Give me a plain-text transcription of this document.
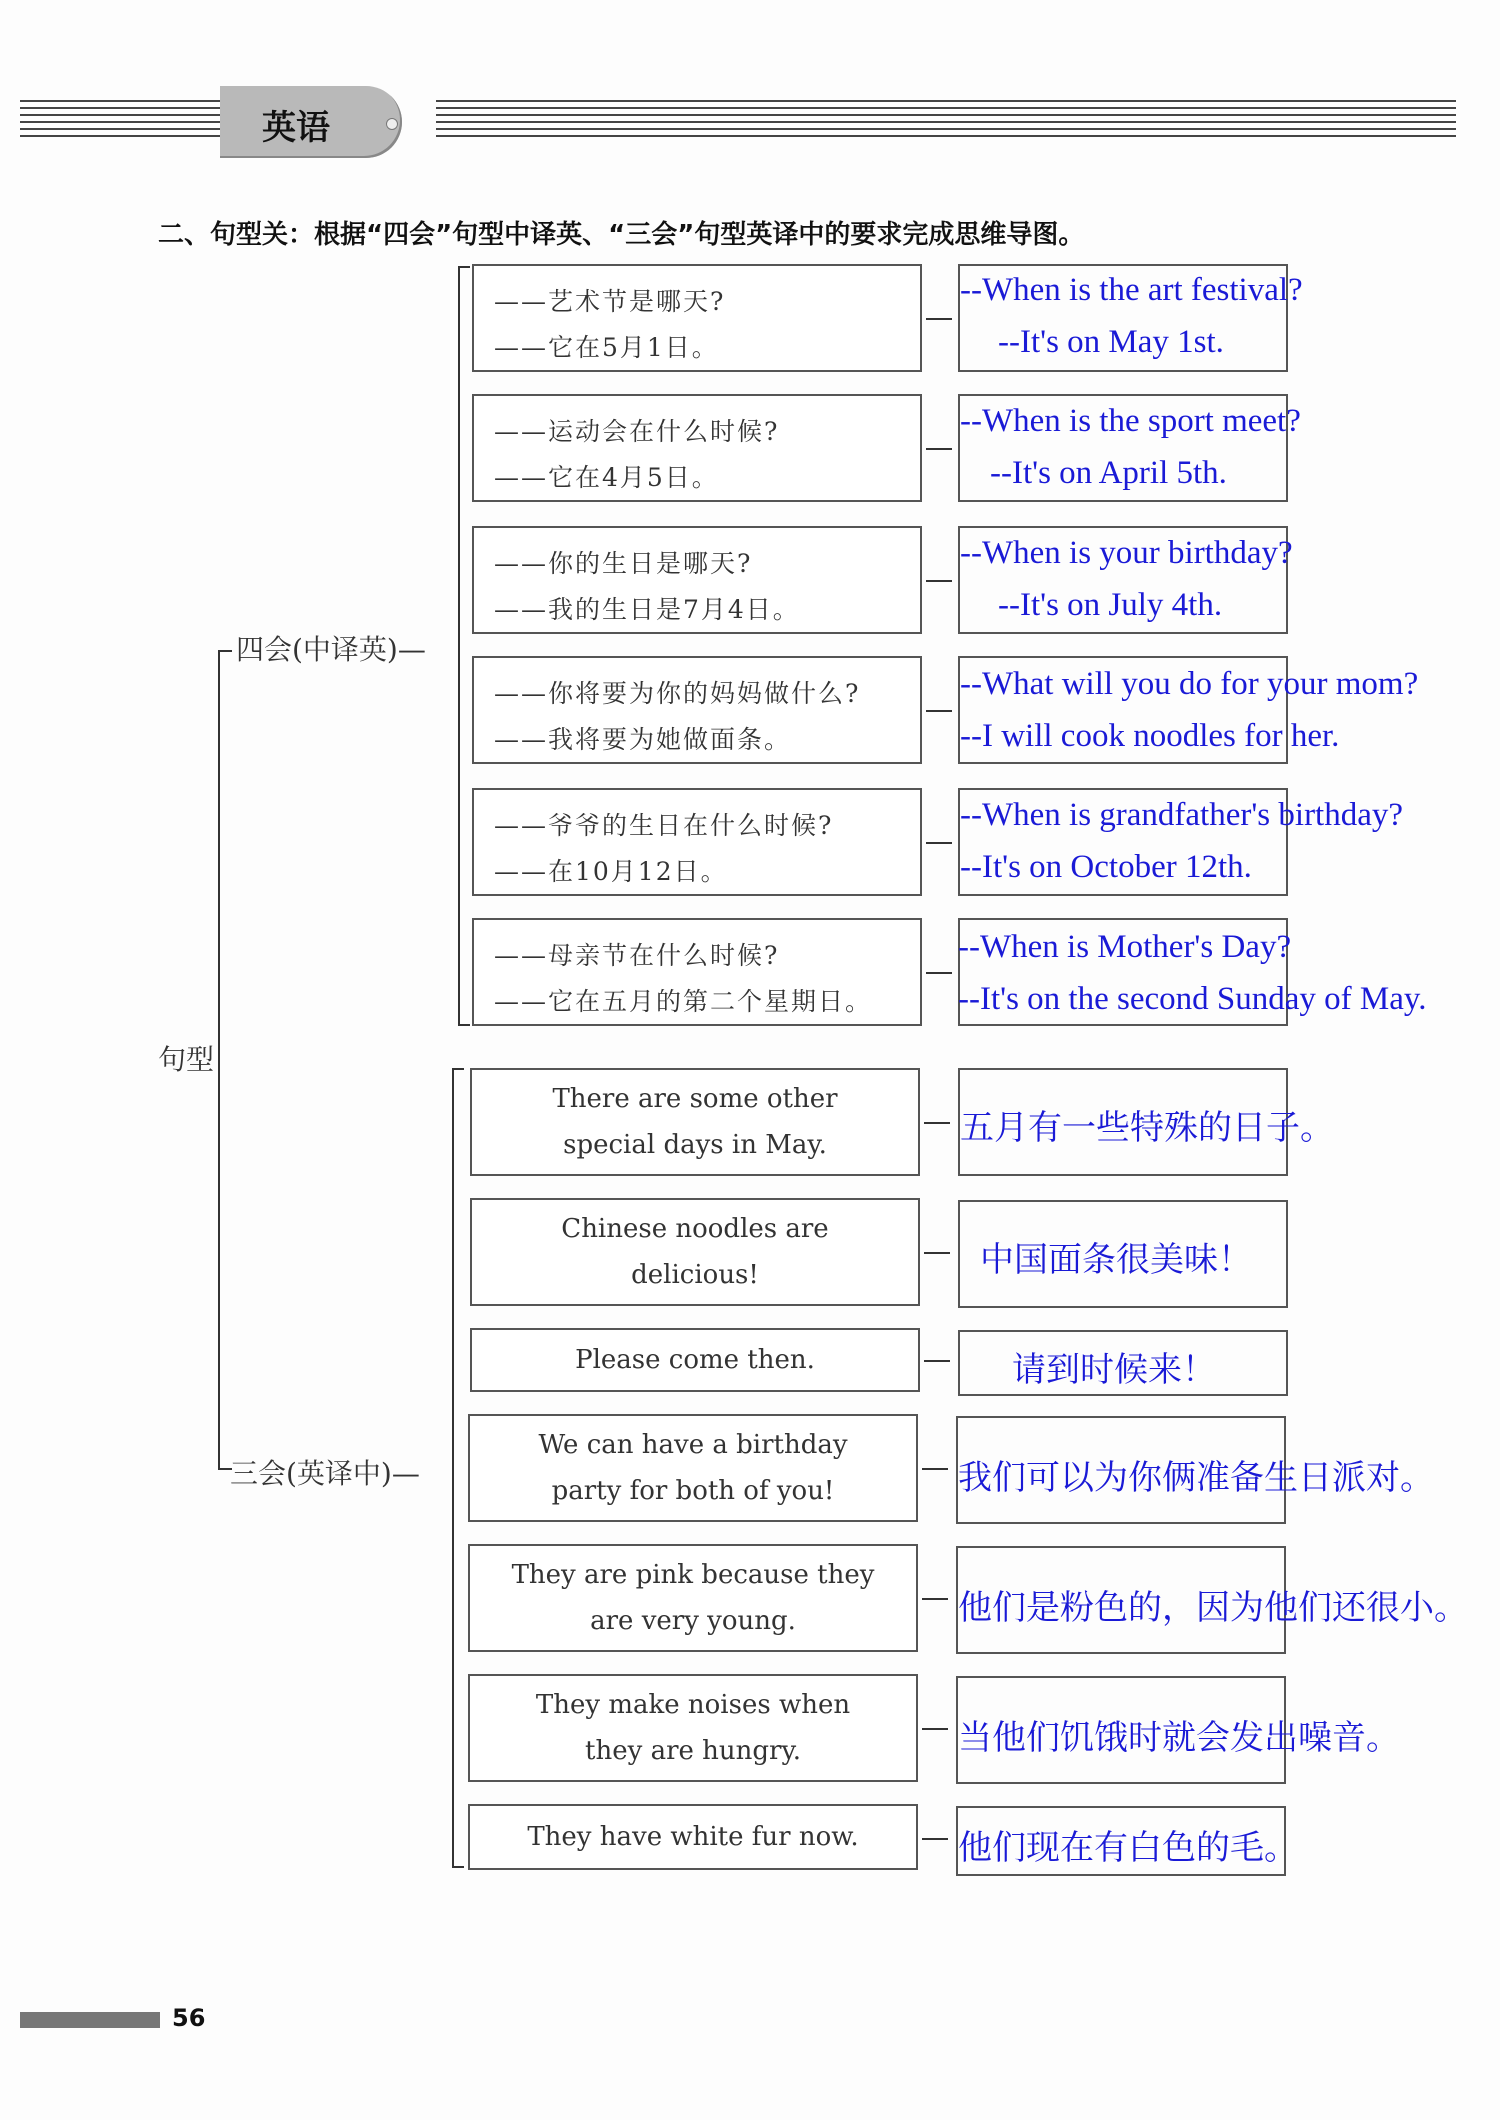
英语
二、句型关：根据“四会”句型中译英、“三会”句型英译中的要求完成思维导图。
句型
四会(中译英)—
三会(英译中)—
——艺术节是哪天?
——它在5月1日。
--When is the art festival?
--It's on May 1st.
——运动会在什么时候?
——它在4月5日。
--When is the sport meet?
--It's on April 5th.
——你的生日是哪天?
——我的生日是7月4日。
--When is your birthday?
--It's on July 4th.
——你将要为你的妈妈做什么?
——我将要为她做面条。
--What will you do for your mom?
--I will cook noodles for her.
——爷爷的生日在什么时候?
——在10月12日。
--When is grandfather's birthday?
--It's on October 12th.
——母亲节在什么时候?
——它在五月的第二个星期日。
--When is Mother's Day?
--It's on the second Sunday of May.
There are some other
special days in May.	五月有一些特殊的日子。
Chinese noodles are
delicious!	中国面条很美味！
Please come then.	请到时候来！
We can have a birthday
party for both of you!	我们可以为你俩准备生日派对。
They are pink because they
are very young.	他们是粉色的，因为他们还很小。
They make noises when
they are hungry.	当他们饥饿时就会发出噪音。
They have white fur now.	他们现在有白色的毛。
56
